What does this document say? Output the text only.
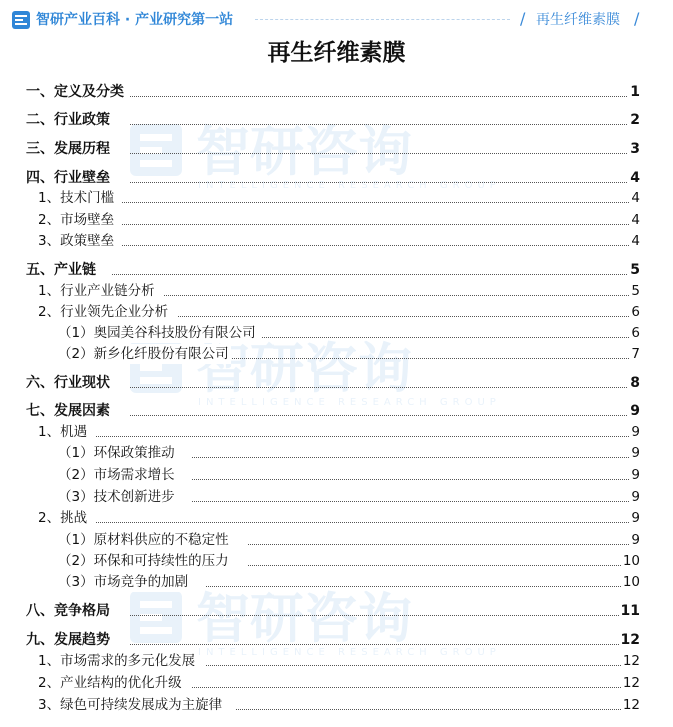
智研产业百科 · 产业研究第一站	/ 再生纤维素膜 /
再生纤维素膜
智研咨询
INTELLIGENCE RESEARCH GROUP
智研咨询
INTELLIGENCE RESEARCH GROUP
智研咨询
INTELLIGENCE RESEARCH GROUP
一、定义及分类	1
二、行业政策	2
三、发展历程	3
四、行业壁垒	4
1、技术门槛	4
2、市场壁垒	4
3、政策壁垒	4
五、产业链	5
1、行业产业链分析	5
2、行业领先企业分析	6
（1）奥园美谷科技股份有限公司	6
（2）新乡化纤股份有限公司	7
六、行业现状	8
七、发展因素	9
1、机遇	9
（1）环保政策推动	9
（2）市场需求增长	9
（3）技术创新进步	9
2、挑战	9
（1）原材料供应的不稳定性	9
（2）环保和可持续性的压力	10
（3）市场竞争的加剧	10
八、竞争格局	11
九、发展趋势	12
1、市场需求的多元化发展	12
2、产业结构的优化升级	12
3、绿色可持续发展成为主旋律	12
